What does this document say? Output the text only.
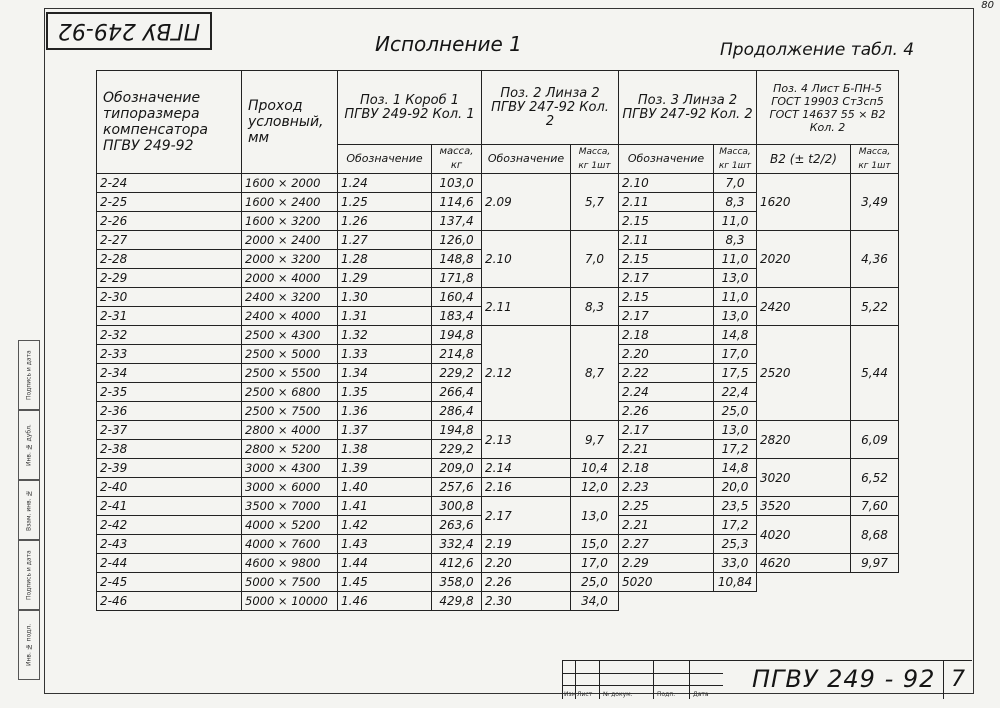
ПГВУ 249-92
80
Исполнение 1	Продолжение табл. 4
Инв. № подл.
Подпись и дата
Взам. инв. №
Инв. № дубл.
Подпись и дата
Обозначение типоразмера компенсатора ПГВУ 249-92	Проход условный, мм	Поз. 1 Короб 1 ПГВУ 249-92 Кол. 1		Поз. 2 Линза 2 ПГВУ 247-92 Кол. 2		Поз. 3 Линза 2 ПГВУ 247-92 Кол. 2		Поз. 4 Лист Б-ПН-5 ГОСТ 19903 Ст3сп5 ГОСТ 14637 55 × B2 Кол. 2	
		Обозначение	масса, кг	Обозначение	Масса, кг 1шт	Обозначение	Масса, кг 1шт	B2 (± t2/2)	Масса, кг 1шт
2-24	1600 × 2000	1.24	103,0	2.09	5,7	2.10	7,0	1620	3,49
2-25	1600 × 2400	1.25	114,6			2.11	8,3		
2-26	1600 × 3200	1.26	137,4			2.15	11,0		
2-27	2000 × 2400	1.27	126,0	2.10	7,0	2.11	8,3	2020	4,36
2-28	2000 × 3200	1.28	148,8			2.15	11,0		
2-29	2000 × 4000	1.29	171,8			2.17	13,0		
2-30	2400 × 3200	1.30	160,4	2.11	8,3	2.15	11,0	2420	5,22
2-31	2400 × 4000	1.31	183,4			2.17	13,0		
2-32	2500 × 4300	1.32	194,8	2.12	8,7	2.18	14,8	2520	5,44
2-33	2500 × 5000	1.33	214,8			2.20	17,0		
2-34	2500 × 5500	1.34	229,2			2.22	17,5		
2-35	2500 × 6800	1.35	266,4			2.24	22,4		
2-36	2500 × 7500	1.36	286,4			2.26	25,0		
2-37	2800 × 4000	1.37	194,8	2.13	9,7	2.17	13,0	2820	6,09
2-38	2800 × 5200	1.38	229,2			2.21	17,2		
2-39	3000 × 4300	1.39	209,0	2.14	10,4	2.18	14,8	3020	6,52
2-40	3000 × 6000	1.40	257,6	2.16	12,0	2.23	20,0		
2-41	3500 × 7000	1.41	300,8	2.17	13,0	2.25	23,5	3520	7,60
2-42	4000 × 5200	1.42	263,6			2.21	17,2	4020	8,68
2-43	4000 × 7600	1.43	332,4	2.19	15,0	2.27	25,3		
2-44	4600 × 9800	1.44	412,6	2.20	17,0	2.29	33,0	4620	9,97
2-45	5000 × 7500	1.45	358,0	2.26	25,0	5020	10,84		
2-46	5000 × 10000	1.46	429,8	2.30	34,0				
Изм Лист № докум.	Подп.	Дата
ПГВУ 249 - 92 7
